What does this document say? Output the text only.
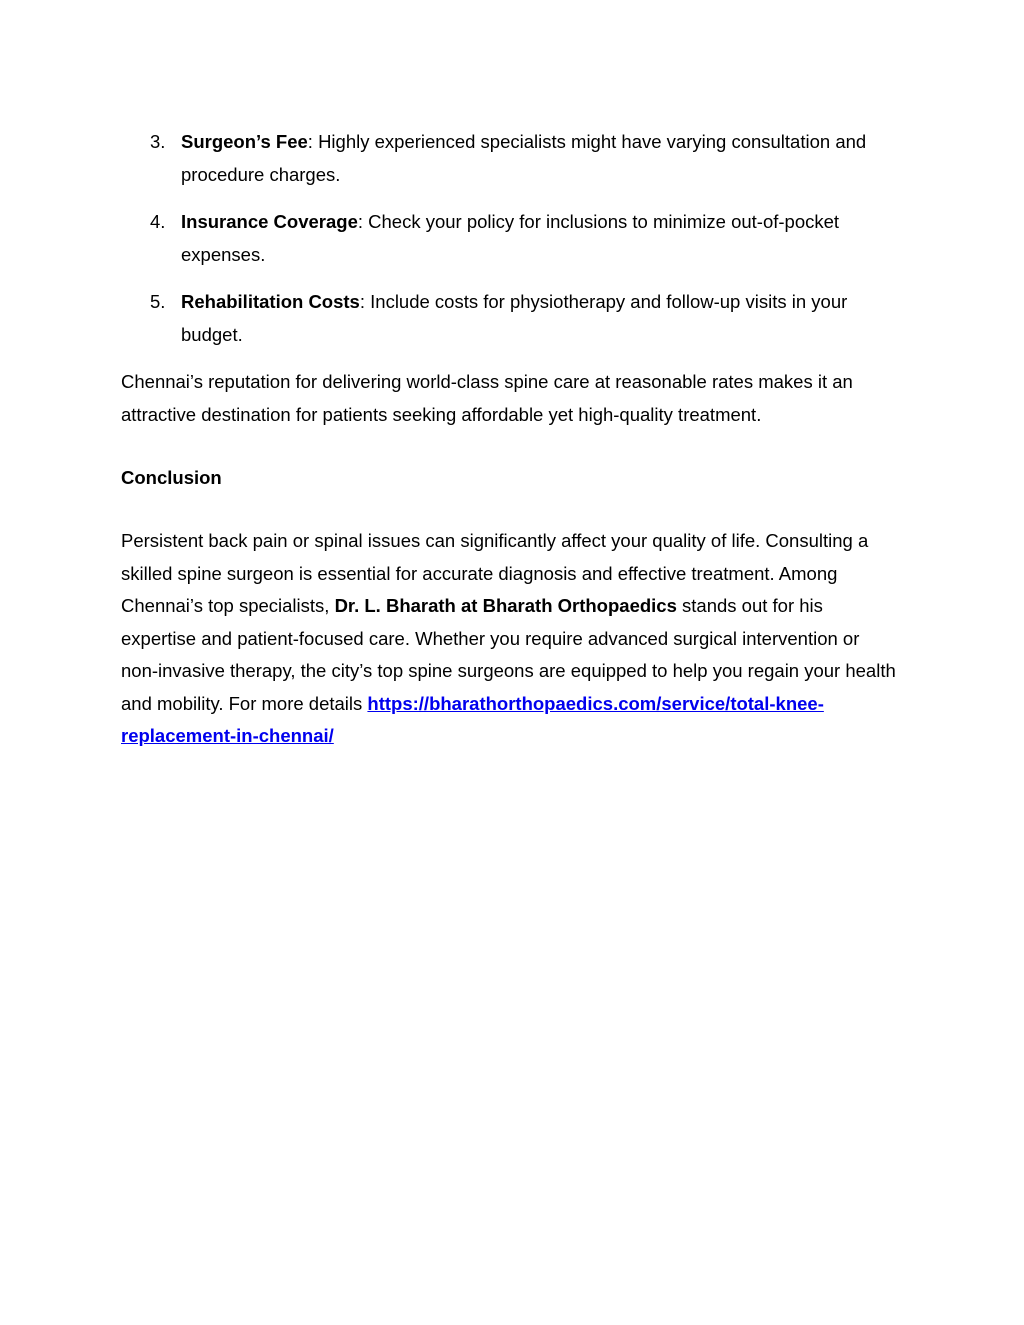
3. Surgeon’s Fee: Highly experienced specialists might have varying consultation and procedure charges.
4. Insurance Coverage: Check your policy for inclusions to minimize out-of-pocket expenses.
5. Rehabilitation Costs: Include costs for physiotherapy and follow-up visits in your budget.

Chennai’s reputation for delivering world-class spine care at reasonable rates makes it an attractive destination for patients seeking affordable yet high-quality treatment.

Conclusion

Persistent back pain or spinal issues can significantly affect your quality of life. Consulting a skilled spine surgeon is essential for accurate diagnosis and effective treatment. Among Chennai’s top specialists, Dr. L. Bharath at Bharath Orthopaedics stands out for his expertise and patient-focused care. Whether you require advanced surgical intervention or non-invasive therapy, the city’s top spine surgeons are equipped to help you regain your health and mobility. For more details https://bharathorthopaedics.com/service/total-knee-replacement-in-chennai/
